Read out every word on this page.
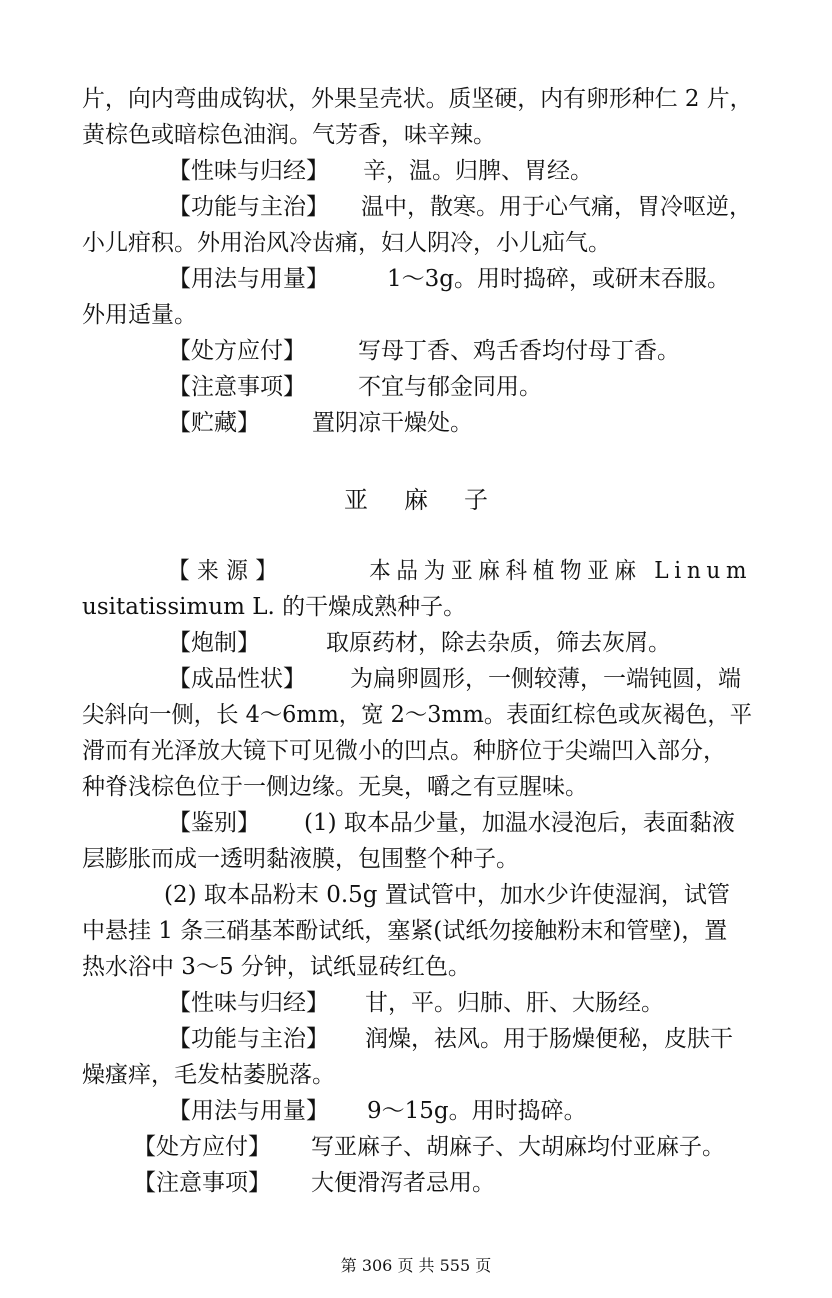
片，向内弯曲成钩状，外果呈壳状。质坚硬，内有卵形种仁 2 片，
黄棕色或暗棕色油润。气芳香，味辛辣。
【性味与归经】 辛，温。归脾、胃经。
【功能与主治】 温中，散寒。用于心气痛，胃冷呕逆，
小儿疳积。外用治风冷齿痛，妇人阴冷，小儿疝气。
【用法与用量】	1～3g。用时捣碎，或研末吞服。
外用适量。
【处方应付】 写母丁香、鸡舌香均付母丁香。
【注意事项】 不宜与郁金同用。
【贮藏】 置阴凉干燥处。
亚麻子
【来源】	本品为亚麻科植物亚麻 Linum
usitatissimum L. 的干燥成熟种子。
【炮制】	取原药材，除去杂质，筛去灰屑。
【成品性状】 为扁卵圆形，一侧较薄，一端钝圆，端
尖斜向一侧，长 4～6mm，宽 2～3mm。表面红棕色或灰褐色，平
滑而有光泽放大镜下可见微小的凹点。种脐位于尖端凹入部分，
种脊浅棕色位于一侧边缘。无臭，嚼之有豆腥味。
【鉴别】 (1) 取本品少量，加温水浸泡后，表面黏液
层膨胀而成一透明黏液膜，包围整个种子。
(2) 取本品粉末 0.5g 置试管中，加水少许使湿润，试管
中悬挂 1 条三硝基苯酚试纸，塞紧(试纸勿接触粉末和管壁)，置
热水浴中 3～5 分钟，试纸显砖红色。
【性味与归经】 甘，平。归肺、肝、大肠经。
【功能与主治】 润燥，祛风。用于肠燥便秘，皮肤干
燥瘙痒，毛发枯萎脱落。
【用法与用量】 9～15g。用时捣碎。
【处方应付】 写亚麻子、胡麻子、大胡麻均付亚麻子。
【注意事项】 大便滑泻者忌用。
第 306 页 共 555 页
